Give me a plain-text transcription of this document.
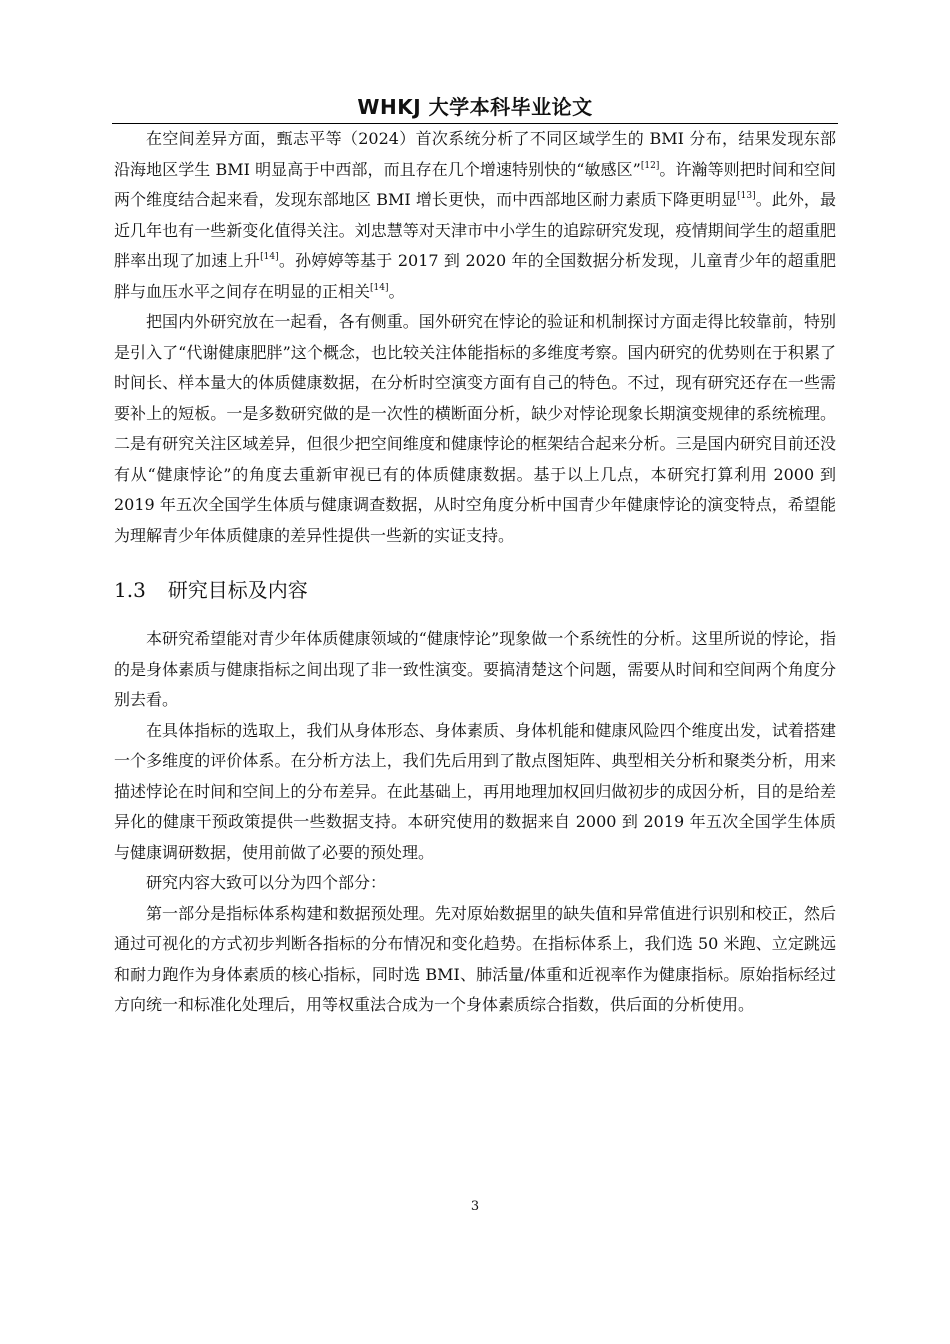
WHKJ 大学本科毕业论文

在空间差异方面，甄志平等（2024）首次系统分析了不同区域学生的 BMI 分布，结果发现东部沿海地区学生 BMI 明显高于中西部，而且存在几个增速特别快的“敏感区”[12]。许瀚等则把时间和空间两个维度结合起来看，发现东部地区 BMI 增长更快，而中西部地区耐力素质下降更明显[13]。此外，最近几年也有一些新变化值得关注。刘忠慧等对天津市中小学生的追踪研究发现，疫情期间学生的超重肥胖率出现了加速上升[14]。孙婷婷等基于 2017 到 2020 年的全国数据分析发现，儿童青少年的超重肥胖与血压水平之间存在明显的正相关[14]。

把国内外研究放在一起看，各有侧重。国外研究在悖论的验证和机制探讨方面走得比较靠前，特别是引入了“代谢健康肥胖”这个概念，也比较关注体能指标的多维度考察。国内研究的优势则在于积累了时间长、样本量大的体质健康数据，在分析时空演变方面有自己的特色。不过，现有研究还存在一些需要补上的短板。一是多数研究做的是一次性的横断面分析，缺少对悖论现象长期演变规律的系统梳理。二是有研究关注区域差异，但很少把空间维度和健康悖论的框架结合起来分析。三是国内研究目前还没有从“健康悖论”的角度去重新审视已有的体质健康数据。基于以上几点，本研究打算利用 2000 到 2019 年五次全国学生体质与健康调查数据，从时空角度分析中国青少年健康悖论的演变特点，希望能为理解青少年体质健康的差异性提供一些新的实证支持。

1.3 研究目标及内容

本研究希望能对青少年体质健康领域的“健康悖论”现象做一个系统性的分析。这里所说的悖论，指的是身体素质与健康指标之间出现了非一致性演变。要搞清楚这个问题，需要从时间和空间两个角度分别去看。

在具体指标的选取上，我们从身体形态、身体素质、身体机能和健康风险四个维度出发，试着搭建一个多维度的评价体系。在分析方法上，我们先后用到了散点图矩阵、典型相关分析和聚类分析，用来描述悖论在时间和空间上的分布差异。在此基础上，再用地理加权回归做初步的成因分析，目的是给差异化的健康干预政策提供一些数据支持。本研究使用的数据来自 2000 到 2019 年五次全国学生体质与健康调研数据，使用前做了必要的预处理。

研究内容大致可以分为四个部分：

第一部分是指标体系构建和数据预处理。先对原始数据里的缺失值和异常值进行识别和校正，然后通过可视化的方式初步判断各指标的分布情况和变化趋势。在指标体系上，我们选 50 米跑、立定跳远和耐力跑作为身体素质的核心指标，同时选 BMI、肺活量/体重和近视率作为健康指标。原始指标经过方向统一和标准化处理后，用等权重法合成为一个身体素质综合指数，供后面的分析使用。

3
